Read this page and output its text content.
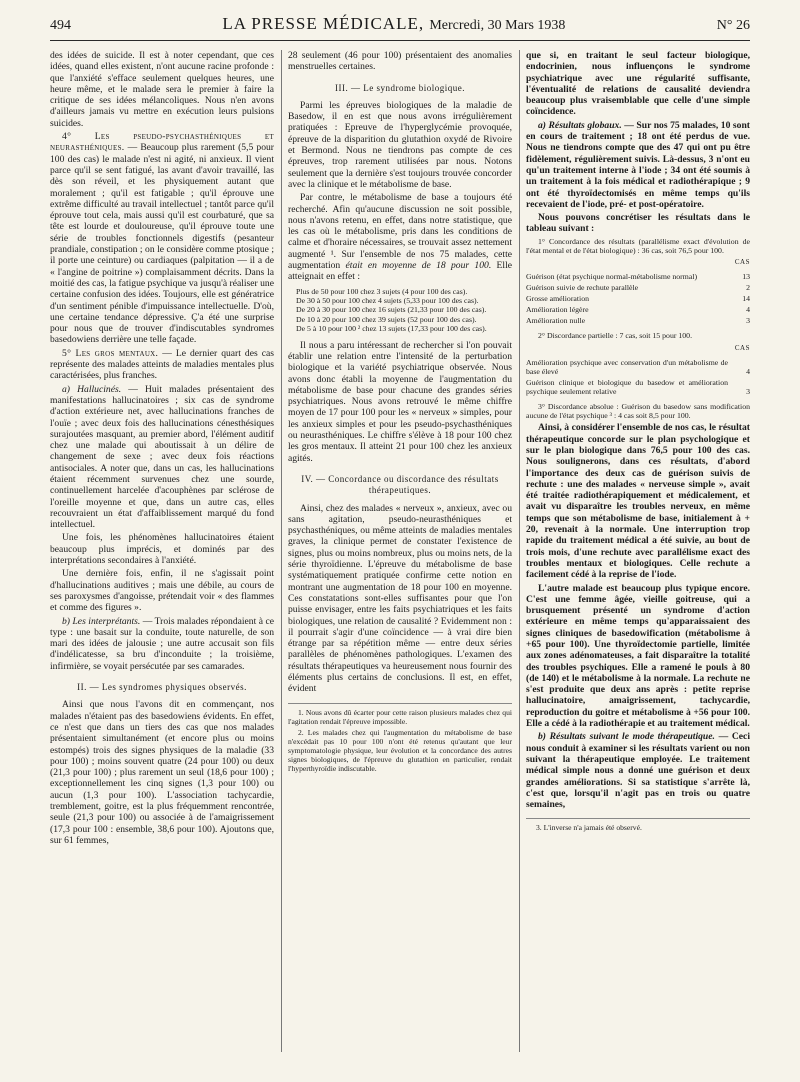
494	LA PRESSE MÉDICALE, Mercredi, 30 Mars 1938	N° 26

des idées de suicide. Il est à noter cependant, que ces idées, quand elles existent, n'ont aucune racine profonde : que l'anxiété s'efface seulement quelques heures, une heure même, et le malade sera le premier à faire la critique de ses idées mélancoliques. Nous n'en avons d'ailleurs jamais vu mettre en exécution leurs pulsions suicides.

4° Les pseudo-psychasthéniques et neurasthéniques. — Beaucoup plus rarement (5,5 pour 100 des cas) le malade n'est ni agité, ni anxieux. Il vient parce qu'il se sent fatigué, las avant d'avoir travaillé, las dès son réveil, et les physiquement autant que moralement ; qu'il est fatigable ; qu'il éprouve une extrême difficulté au travail intellectuel ; tantôt parce qu'il éprouve tout cela, mais aussi qu'il est courbaturé, que sa tête est lourde et douloureuse, qu'il éprouve toute une série de troubles fonctionnels digestifs (pesanteur prandiale, constipation ; on le considère comme ptosique ; il porte une ceinture) ou cardiaques (palpitation — il a de « l'angine de poitrine ») complaisamment décrits. Dans la moitié des cas, la fatigue psychique va jusqu'à réaliser une certaine confusion des idées. Toujours, elle est génératrice d'un sentiment pénible d'impuissance intellectuelle. D'où, une certaine tendance dépressive. Ç'a été une surprise pour nous que de trouver d'indiscutables syndromes basedowiens derrière une telle façade.

5° Les gros mentaux. — Le dernier quart des cas représente des malades atteints de maladies mentales plus caractérisées, plus franches.

a) Hallucinés. — Huit malades présentaient des manifestations hallucinatoires ; six cas de syndrome d'action extérieure net, avec hallucinations franches de l'ouïe ; avec deux fois des hallucinations cénesthésiques surajoutées masquant, au premier abord, l'élément auditif chez une malade qui aboutissait à un délire de changement de sexe ; avec deux fois réactions antisociales. A noter que, dans un cas, les hallucinations étaient récemment survenues chez une sourde, continuellement harcelée d'acouphènes par sclérose de l'oreille moyenne et que, dans un autre cas, elles recouvraient un état d'affaiblissement marqué du fond intellectuel.

Une fois, les phénomènes hallucinatoires étaient beaucoup plus imprécis, et dominés par des interprétations secondaires à l'anxiété.

Une dernière fois, enfin, il ne s'agissait point d'hallucinations auditives ; mais une débile, au cours de ses paroxysmes d'angoisse, prétendait voir « des flammes et comme des figures ».

b) Les interprétants. — Trois malades répondaient à ce type : une basait sur la conduite, toute naturelle, de son mari des idées de jalousie ; une autre accusait son fils d'indélicatesse, sa bru d'inconduite ; la troisième, infirmière, se voyait persécutée par ses camarades.

II. — Les syndromes physiques observés.

Ainsi que nous l'avons dit en commençant, nos malades n'étaient pas des basedowiens évidents. En effet, ce n'est que dans un tiers des cas que nos malades présentaient simultanément (et encore plus ou moins estompés) trois des signes physiques de la maladie (33 pour 100) ; moins souvent quatre (24 pour 100) ou deux (21,3 pour 100) ; plus rarement un seul (18,6 pour 100) ; exceptionnellement les cinq signes (1,3 pour 100) ou aucun (1,3 pour 100). L'association tachycardie, tremblement, goitre, est la plus fréquemment rencontrée, seule (21,3 pour 100) ou associée à de l'amaigrissement (17,3 pour 100 : ensemble, 38,6 pour 100). Ajoutons que, sur 61 femmes,

28 seulement (46 pour 100) présentaient des anomalies menstruelles certaines.

III. — Le syndrome biologique.

Parmi les épreuves biologiques de la maladie de Basedow, il en est que nous avons irrégulièrement pratiquées : Epreuve de l'hyperglycémie provoquée, épreuve de la disparition du glutathion oxydé de Rivoire et Bermond. Nous ne tiendrons pas compte de ces épreuves, trop rarement utilisées par nous. Notons seulement que la dernière s'est toujours trouvée concorder avec la clinique et le métabolisme de base.

Par contre, le métabolisme de base a toujours été recherché. Afin qu'aucune discussion ne soit possible, nous n'avons retenu, en effet, dans notre statistique, que les cas où le métabolisme, pris dans les conditions de calme et d'horaire nécessaires, se trouvait assez nettement augmenté ¹. Sur l'ensemble de nos 75 malades, cette augmentation était en moyenne de 18 pour 100. Elle atteignait en effet :

Plus de 50 pour 100 chez 3 sujets (4 pour 100 des cas).
De 30 à 50 pour 100 chez 4 sujets (5,33 pour 100 des cas).
De 20 à 30 pour 100 chez 16 sujets (21,33 pour 100 des cas).
De 10 à 20 pour 100 chez 39 sujets (52 pour 100 des cas).
De 5 à 10 pour 100 ² chez 13 sujets (17,33 pour 100 des cas).

Il nous a paru intéressant de rechercher si l'on pouvait établir une relation entre l'intensité de la perturbation biologique et la variété psychiatrique observée. Nous avons donc établi la moyenne de l'augmentation du métabolisme de base pour chacune des grandes séries psychiatriques. Nous avons retrouvé le même chiffre moyen de 17 pour 100 pour les « nerveux » simples, pour les anxieux simples et pour les pseudo-psychasthéniques ou neurasthéniques. Le chiffre s'élève à 18 pour 100 chez les gros mentaux. Il atteint 21 pour 100 chez les anxieux agités.

IV. — Concordance ou discordance des résultats thérapeutiques.

Ainsi, chez des malades « nerveux », anxieux, avec ou sans agitation, pseudo-neurasthéniques et psychasthéniques, ou même atteints de maladies mentales graves, la clinique permet de constater l'existence de signes, plus ou moins nombreux, plus ou moins nets, de la série thyroïdienne. L'épreuve du métabolisme de base systématiquement pratiquée confirme cette notion en montrant une augmentation de 18 pour 100 en moyenne. Ces constatations sont-elles suffisantes pour que l'on puisse envisager, entre les faits psychiatriques et les faits biologiques, une relation de causalité ? Evidemment non : il pourrait s'agir d'une coïncidence — à vrai dire bien étrange par sa répétition même — entre deux séries parallèles de phénomènes pathologiques. L'examen des résultats thérapeutiques va heureusement nous fournir des éléments plus certains de conclusions. Il est, en effet, évident

1. Nous avons dû écarter pour cette raison plusieurs malades chez qui l'agitation rendait l'épreuve impossible.

2. Les malades chez qui l'augmentation du métabolisme de base n'excédait pas 10 pour 100 n'ont été retenus qu'autant que leur symptomatologie physique, leur évolution et la concordance des autres signes biologiques, de l'épreuve du glutathion en particulier, rendait l'hyperthyroïdie indiscutable.

que si, en traitant le seul facteur biologique, endocrinien, nous influençons le syndrome psychiatrique avec une régularité suffisante, l'éventualité de relations de causalité deviendra beaucoup plus vraisemblable que celle d'une simple coïncidence.

a) Résultats globaux. — Sur nos 75 malades, 10 sont en cours de traitement ; 18 ont été perdus de vue. Nous ne tiendrons compte que des 47 qui ont pu être fidèlement, régulièrement suivis. Là-dessus, 3 n'ont eu qu'un traitement interne à l'iode ; 34 ont été soumis à un traitement à la fois médical et radiothérapique ; 9 ont été thyroïdectomisés en même temps qu'ils recevaient de l'iode, pré- et post-opératoire.

Nous pouvons concrétiser les résultats dans le tableau suivant :

1° Concordance des résultats (parallélisme exact d'évolution de l'état mental et de l'état biologique) : 36 cas, soit 76,5 pour 100.

CAS
Guérison (état psychique normal-métabolisme normal)	13
Guérison suivie de rechute parallèle	2
Grosse amélioration	14
Amélioration légère	4
Amélioration nulle	3

2° Discordance partielle : 7 cas, soit 15 pour 100.

CAS
Amélioration psychique avec conservation d'un métabolisme de base élevé	4
Guérison clinique et biologique du basedow et amélioration psychique seulement relative	3

3° Discordance absolue : Guérison du basedow sans modification aucune de l'état psychique ³ : 4 cas soit 8,5 pour 100.

Ainsi, à considérer l'ensemble de nos cas, le résultat thérapeutique concorde sur le plan psychologique et sur le plan biologique dans 76,5 pour 100 des cas. Nous soulignerons, dans ces résultats, d'abord l'importance des deux cas de guérison suivis de rechute : une des malades « nerveuse simple », avait été traitée radiothérapiquement et médicalement, et avait vu disparaître les troubles nerveux, en même temps que son métabolisme de base, initialement à + 20, revenait à la normale. Une interruption trop rapide du traitement médical a été suivie, au bout de trois mois, d'une rechute avec parallélisme exact des troubles mentaux et biologiques. Celle rechute a facilement cédé à la reprise de l'iode.

L'autre malade est beaucoup plus typique encore. C'est une femme âgée, vieille goitreuse, qui a brusquement présenté un syndrome d'action extérieure en même temps qu'apparaissaient des signes cliniques de basedowification (métabolisme à +65 pour 100). Une thyroïdectomie partielle, limitée aux zones adénomateuses, a fait disparaître la totalité des troubles psychiques. Elle a ramené le pouls à 80 (de 140) et le métabolisme à la normale. La rechute ne s'est produite que deux ans après : petite reprise hallucinatoire, amaigrissement, tachycardie, reproduction du goitre et métabolisme à +56 pour 100. Elle a cédé à la radiothérapie et au traitement médical.

b) Résultats suivant le mode thérapeutique. — Ceci nous conduit à examiner si les résultats varient ou non suivant la thérapeutique employée. Le traitement médical simple nous a donné une guérison et deux grandes améliorations. Si sa statistique s'arrête là, c'est que, lorsqu'il n'agit pas en trois ou quatre semaines,

3. L'inverse n'a jamais été observé.
